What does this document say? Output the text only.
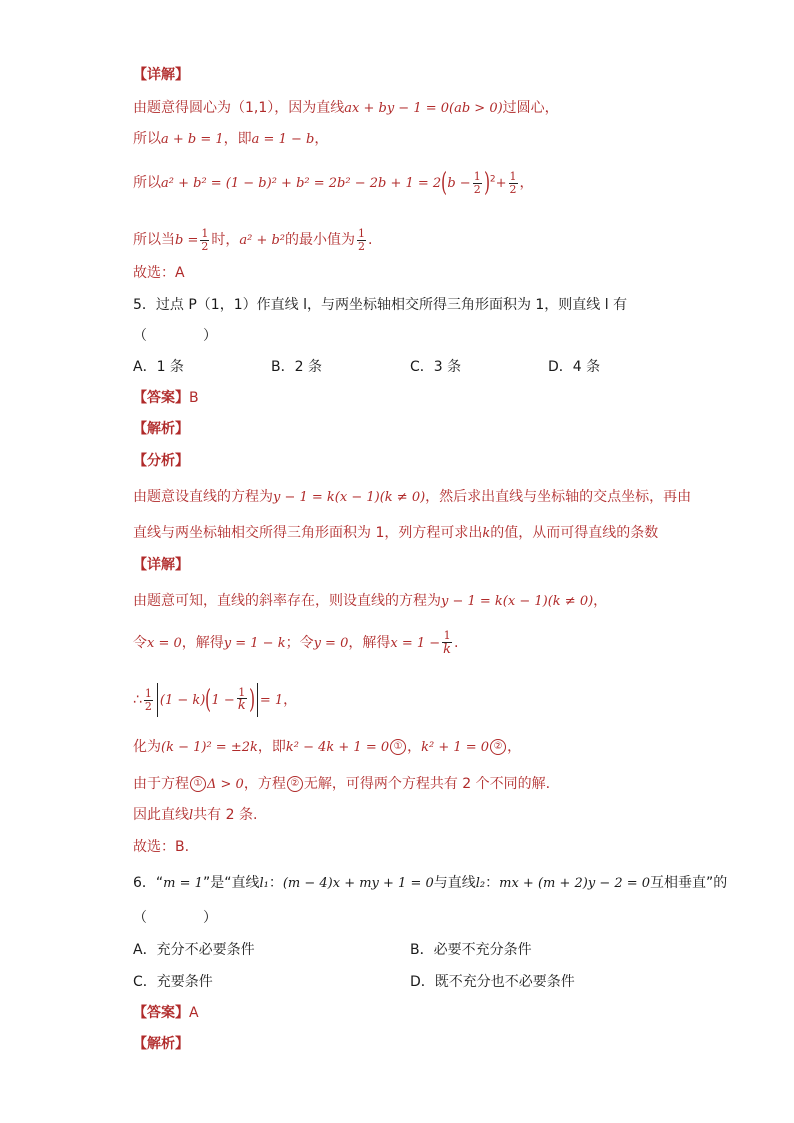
【详解】
由题意得圆心为（1,1），因为直线ax + by − 1 = 0(ab > 0)过圆心，
所以a + b = 1，即a = 1 − b，
所以$a^2 + b^2 = (1 - b)^2 + b^2 = 2b^2 - 2b + 1 = 2(b - \frac{1}{2} )^2+ \frac{1}{2}$ ，
所以当$b = \frac{1}{2}$ 时，a² + b²的最小值为 $\frac{1}{2}$ .
故选：A
5．过点 P（1，1）作直线 l，与两坐标轴相交所得三角形面积为 1，则直线 l 有
（　　　　）
A．1 条	B．2 条	C．3 条	D．4 条
【答案】B
【解析】
【分析】
由题意设直线的方程为y − 1 = k(x − 1)(k ≠ 0)，然后求出直线与坐标轴的交点坐标，再由
直线与两坐标轴相交所得三角形面积为 1，列方程可求出k的值，从而可得直线的条数
【详解】
由题意可知，直线的斜率存在，则设直线的方程为y − 1 = k(x − 1)(k ≠ 0)，
令x = 0，解得y = 1 − k；令y = 0，解得$x = 1 - \frac{1}{k}$ .
∴ $\frac{1}{2} (1 - k)(1 - \frac{1}{k}$ ) = 1，
化为(k − 1)² = ±2k，即k² − 4k + 1 = 0 ① ，k² + 1 = 0 ② ，
由于方程 ① Δ > 0，方程 ② 无解，可得两个方程共有 2 个不同的解.
因此直线l共有 2 条.
故选：B.
6．“m = 1”是“直线l₁：(m − 4)x + my + 1 = 0与直线l₂：mx + (m + 2)y − 2 = 0互相垂直”的
（　　　　）
A．充分不必要条件	B．必要不充分条件
C．充要条件	D．既不充分也不必要条件
【答案】A
【解析】
